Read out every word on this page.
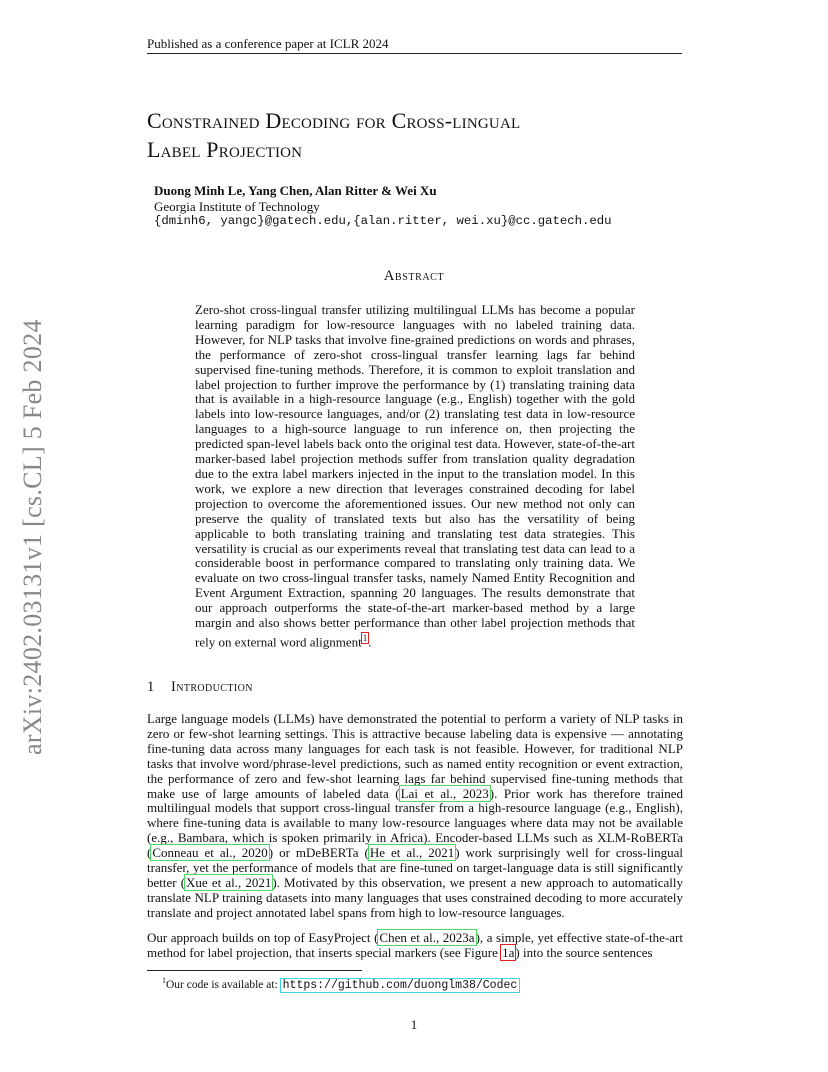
Published as a conference paper at ICLR 2024
arXiv:2402.03131v1 [cs.CL] 5 Feb 2024
Constrained Decoding for Cross-lingual
Label Projection
Duong Minh Le, Yang Chen, Alan Ritter & Wei Xu
Georgia Institute of Technology
{dminh6, yangc}@gatech.edu,{alan.ritter, wei.xu}@cc.gatech.edu
Abstract
Zero-shot cross-lingual transfer utilizing multilingual LLMs has become a popular learning paradigm for low-resource languages with no labeled training data. However, for NLP tasks that involve fine-grained predictions on words and phrases, the performance of zero-shot cross-lingual transfer learning lags far behind supervised fine-tuning methods. Therefore, it is common to exploit translation and label projection to further improve the performance by (1) translating training data that is available in a high-resource language (e.g., English) together with the gold labels into low-resource languages, and/or (2) translating test data in low-resource languages to a high-source language to run inference on, then projecting the predicted span-level labels back onto the original test data. However, state-of-the-art marker-based label projection methods suffer from translation quality degradation due to the extra label markers injected in the input to the translation model. In this work, we explore a new direction that leverages constrained decoding for label projection to overcome the aforementioned issues. Our new method not only can preserve the quality of translated texts but also has the versatility of being applicable to both translating training and translating test data strategies. This versatility is crucial as our experiments reveal that translating test data can lead to a considerable boost in performance compared to translating only training data. We evaluate on two cross-lingual transfer tasks, namely Named Entity Recognition and Event Argument Extraction, spanning 20 languages. The results demonstrate that our approach outperforms the state-of-the-art marker-based method by a large margin and also shows better performance than other label projection methods that rely on external word alignment$^1$.
1 Introduction
Large language models (LLMs) have demonstrated the potential to perform a variety of NLP tasks in zero or few-shot learning settings. This is attractive because labeling data is expensive — annotating fine-tuning data across many languages for each task is not feasible. However, for traditional NLP tasks that involve word/phrase-level predictions, such as named entity recognition or event extraction, the performance of zero and few-shot learning lags far behind supervised fine-tuning methods that make use of large amounts of labeled data (Lai et al., 2023). Prior work has therefore trained multilingual models that support cross-lingual transfer from a high-resource language (e.g., English), where fine-tuning data is available to many low-resource languages where data may not be available (e.g., Bambara, which is spoken primarily in Africa). Encoder-based LLMs such as XLM-RoBERTa (Conneau et al., 2020) or mDeBERTa (He et al., 2021) work surprisingly well for cross-lingual transfer, yet the performance of models that are fine-tuned on target-language data is still significantly better (Xue et al., 2021). Motivated by this observation, we present a new approach to automatically translate NLP training datasets into many languages that uses constrained decoding to more accurately translate and project annotated label spans from high to low-resource languages.
Our approach builds on top of EasyProject (Chen et al., 2023a), a simple, yet effective state-of-the-art method for label projection, that inserts special markers (see Figure 1a) into the source sentences
$^1$Our code is available at: https://github.com/duonglm38/Codec
1
